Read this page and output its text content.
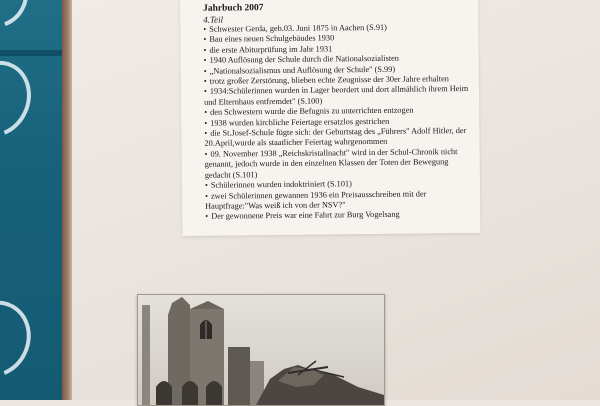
Jahrbuch 2007
4.Teil
• Schwester Gerda, geb.03. Juni 1875 in Aachen (S.91)
• Bau eines neuen Schulgebäudes 1930
• die erste Abiturprüfung im Jahr 1931
• 1940 Auflösung der Schule durch die Nationalsozialisten
• „Nationalsozialismus und Auflösung der Schule" (S.99)
• trotz großer Zerstörung, blieben echte Zeugnisse der 30er Jahre erhalten
• 1934:Schülerinnen wurden in Lager beordert und dort allmählich ihrem Heim und Elternhaus entfremdet" (S.100)
• den Schwestern wurde die Befugnis zu unterrichten entzogen
• 1938 wurden kirchliche Feiertage ersatzlos gestrichen
• die St.Josef-Schule fügte sich: der Geburtstag des „Führers" Adolf Hitler, der 20.April,wurde als staatlicher Feiertag wahrgenommen
• 09. November 1938 „Reichskristallnacht" wird in der Schul-Chronik nicht genannt, jedoch wurde in den einzelnen Klassen der Toten der Bewegung gedacht (S.101)
• Schülerinnen wurden indoktriniert (S.101)
• zwei Schülerinnen gewannen 1936 ein Preisausschreiben mit der Hauptfrage:"Was weiß ich von der NSV?"
• Der gewonnene Preis war eine Fahrt zur Burg Vogelsang
